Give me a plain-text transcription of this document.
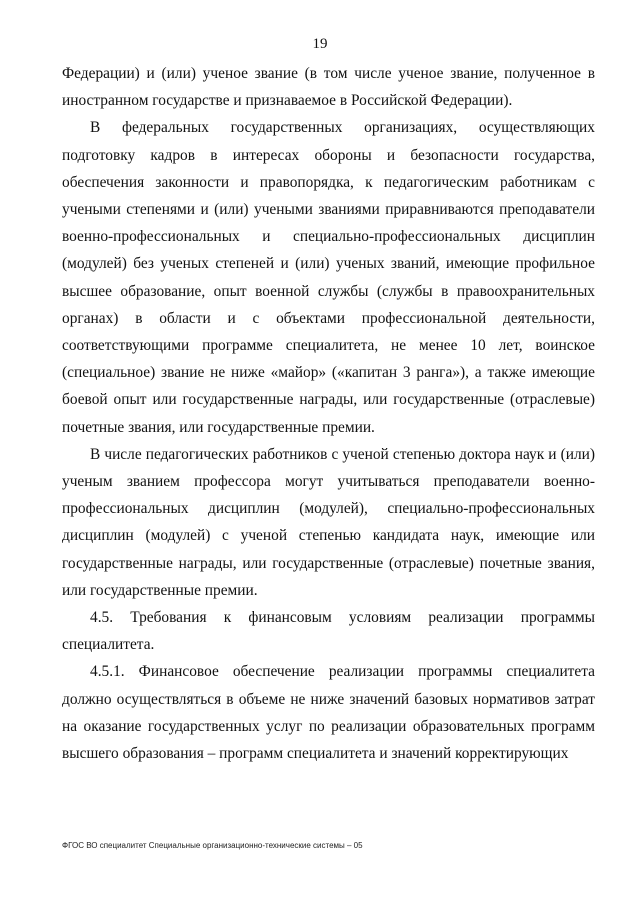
19

Федерации) и (или) ученое звание (в том числе ученое звание, полученное в иностранном государстве и признаваемое в Российской Федерации).

В федеральных государственных организациях, осуществляющих подготовку кадров в интересах обороны и безопасности государства, обеспечения законности и правопорядка, к педагогическим работникам с учеными степенями и (или) учеными званиями приравниваются преподаватели военно-профессиональных и специально-профессиональных дисциплин (модулей) без ученых степеней и (или) ученых званий, имеющие профильное высшее образование, опыт военной службы (службы в правоохранительных органах) в области и с объектами профессиональной деятельности, соответствующими программе специалитета, не менее 10 лет, воинское (специальное) звание не ниже «майор» («капитан 3 ранга»), а также имеющие боевой опыт или государственные награды, или государственные (отраслевые) почетные звания, или государственные премии.

В числе педагогических работников с ученой степенью доктора наук и (или) ученым званием профессора могут учитываться преподаватели военно-профессиональных дисциплин (модулей), специально-профессиональных дисциплин (модулей) с ученой степенью кандидата наук, имеющие или государственные награды, или государственные (отраслевые) почетные звания, или государственные премии.

4.5. Требования к финансовым условиям реализации программы специалитета.

4.5.1. Финансовое обеспечение реализации программы специалитета должно осуществляться в объеме не ниже значений базовых нормативов затрат на оказание государственных услуг по реализации образовательных программ высшего образования – программ специалитета и значений корректирующих

ФГОС ВО специалитет Специальные организационно-технические системы – 05
